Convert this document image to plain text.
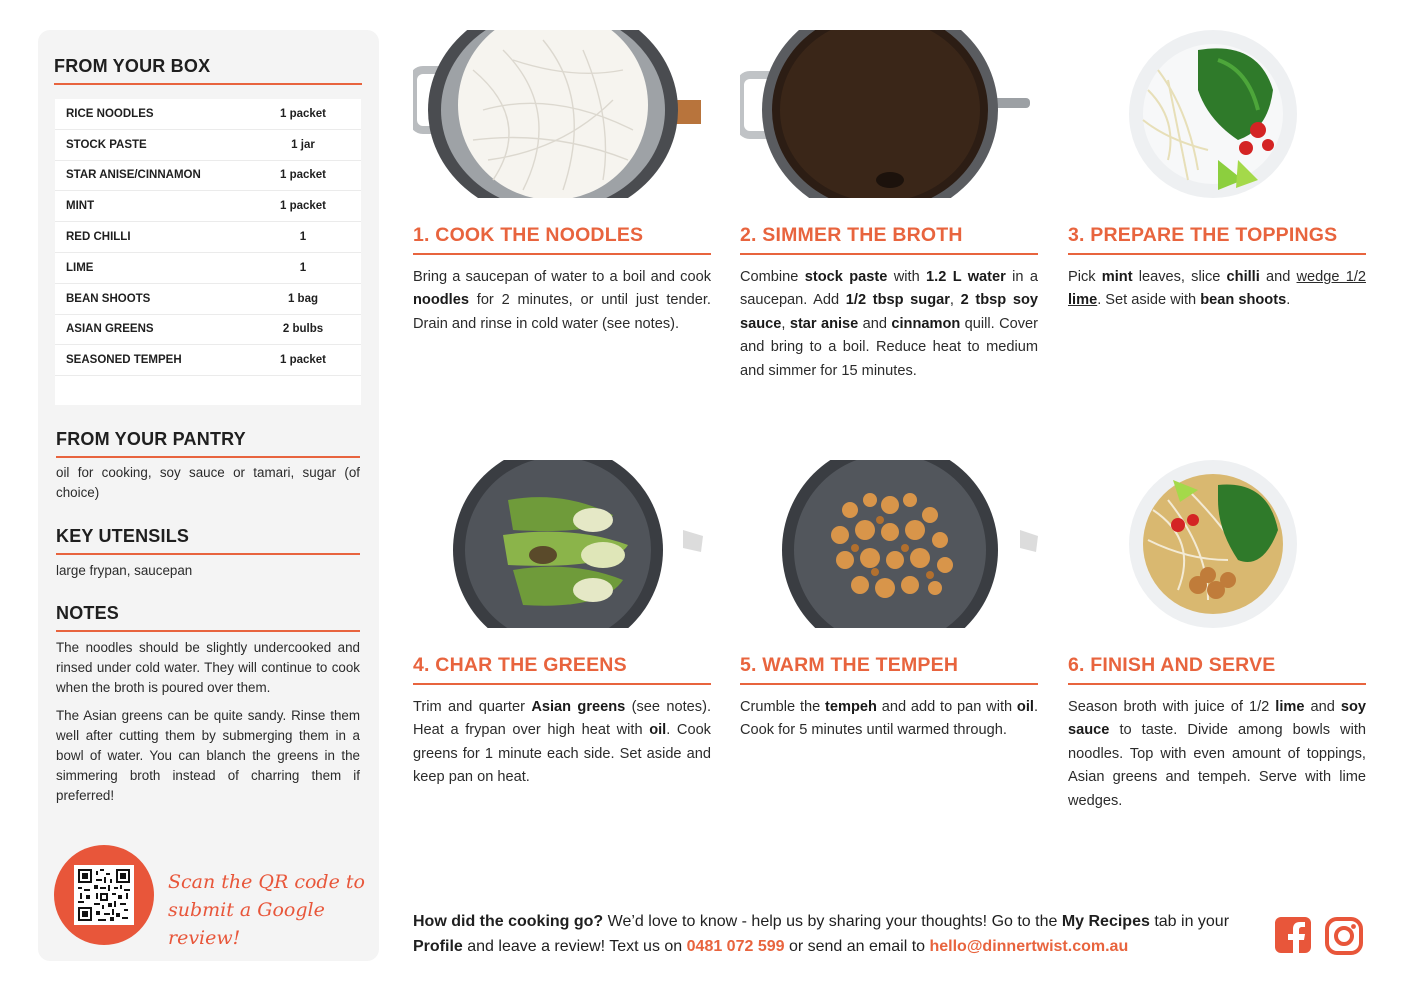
FROM YOUR BOX
RICE NOODLES	1 packet
STOCK PASTE	1 jar
STAR ANISE/CINNAMON	1 packet
MINT	1 packet
RED CHILLI	1
LIME	1
BEAN SHOOTS	1 bag
ASIAN GREENS	2 bulbs
SEASONED TEMPEH	1 packet
FROM YOUR PANTRY
oil for cooking, soy sauce or tamari, sugar (of choice)
KEY UTENSILS
large frypan, saucepan
NOTES
The noodles should be slightly undercooked and rinsed under cold water. They will continue to cook when the broth is poured over them.
The Asian greens can be quite sandy. Rinse them well after cutting them by submerging them in a bowl of water. You can blanch the greens in the simmering broth instead of charring them if preferred!
Scan the QR code to
submit a Google review!
1. COOK THE NOODLES	2. SIMMER THE BROTH	3. PREPARE THE TOPPINGS
4. CHAR THE GREENS	5. WARM THE TEMPEH	6. FINISH AND SERVE
Bring a saucepan of water to a boil and cook noodles for 2 minutes, or until just tender. Drain and rinse in cold water (see notes).
Combine stock paste with 1.2 L water in a saucepan. Add 1/2 tbsp sugar, 2 tbsp soy sauce, star anise and cinnamon quill. Cover and bring to a boil. Reduce heat to medium and simmer for 15 minutes.
Pick mint leaves, slice chilli and wedge 1/2 lime. Set aside with bean shoots.
Trim and quarter Asian greens (see notes). Heat a frypan over high heat with oil. Cook greens for 1 minute each side. Set aside and keep pan on heat.
Crumble the tempeh and add to pan with oil. Cook for 5 minutes until warmed through.
Season broth with juice of 1/2 lime and soy sauce to taste. Divide among bowls with noodles. Top with even amount of toppings, Asian greens and tempeh. Serve with lime wedges.
How did the cooking go? We’d love to know - help us by sharing your thoughts! Go to the My Recipes tab in your Profile and leave a review! Text us on 0481 072 599 or send an email to hello@dinnertwist.com.au
